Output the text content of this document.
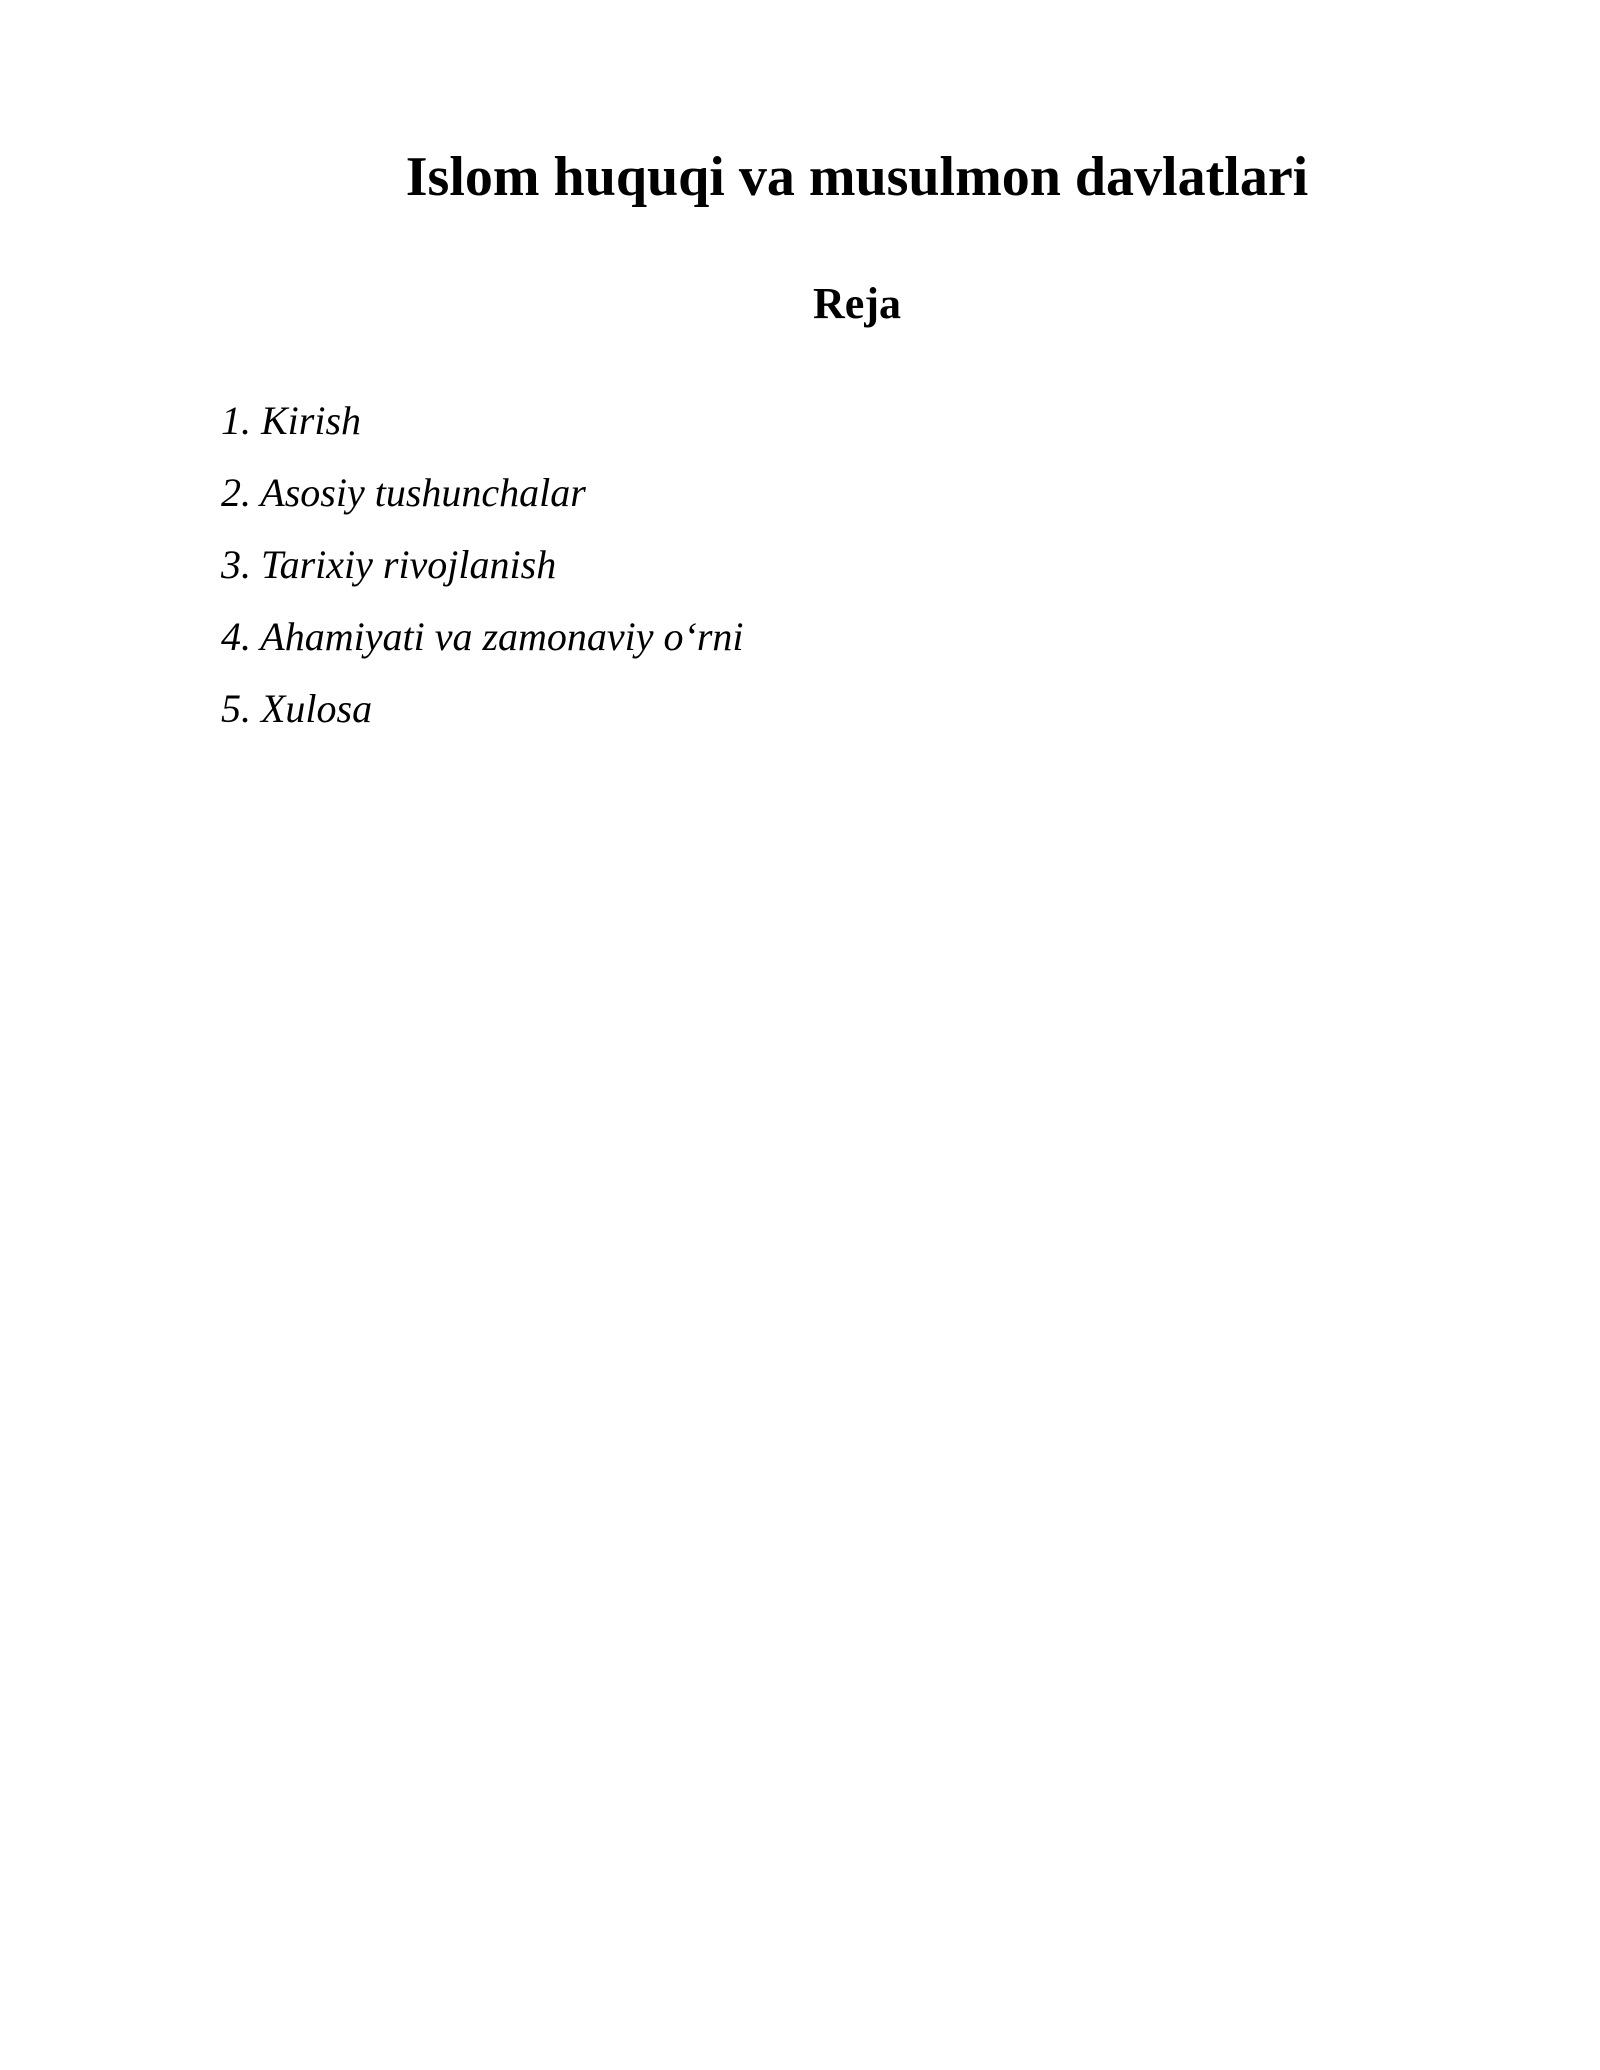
Islom huquqi va musulmon davlatlari
Reja
1. Kirish
2. Asosiy tushunchalar
3. Tarixiy rivojlanish
4. Ahamiyati va zamonaviy o‘rni
5. Xulosa
